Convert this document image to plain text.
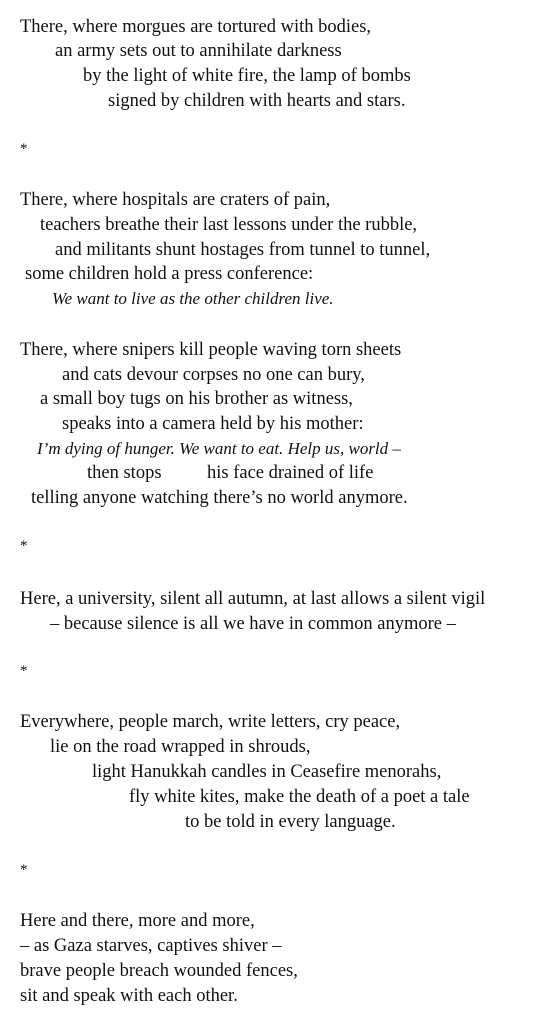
There, where morgues are tortured with bodies,
an army sets out to annihilate darkness
by the light of white fire, the lamp of bombs
signed by children with hearts and stars.
*
There, where hospitals are craters of pain,
teachers breathe their last lessons under the rubble,
and militants shunt hostages from tunnel to tunnel,
some children hold a press conference:
We want to live as the other children live.
There, where snipers kill people waving torn sheets
and cats devour corpses no one can bury,
a small boy tugs on his brother as witness,
speaks into a camera held by his mother:
I’m dying of hunger. We want to eat. Help us, world –
then stops his face drained of life
telling anyone watching there’s no world anymore.
*
Here, a university, silent all autumn, at last allows a silent vigil
– because silence is all we have in common anymore –
*
Everywhere, people march, write letters, cry peace,
lie on the road wrapped in shrouds,
light Hanukkah candles in Ceasefire menorahs,
fly white kites, make the death of a poet a tale
to be told in every language.
*
Here and there, more and more,
– as Gaza starves, captives shiver –
brave people breach wounded fences,
sit and speak with each other.
